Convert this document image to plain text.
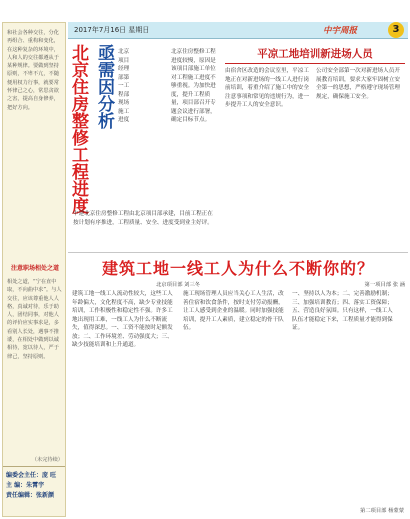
和社会各种交往，分化再组合、重构和变化，在这种复杂的环境中，人和人的交往都遵从于某种规律。要做到坚持原则，不卑不亢，不随便用权力行事，就要常怀律己之心，常思贪欲之害，提高自身修养，把好方向。
注意职场相处之道
相处之道，“宁在直中取，不向曲中求”。与人交往，应该尊重他人人格，真诚对待，乐于助人，团结同事，对他人的评价应实事求是，多看别人长处，遇事不推诿，在相处中做到以诚相待，宽以待人，严于律己，坚持原则。
（未完待续）
编委会主任：庞 旺
主 编：朱霄宇
责任编辑：张新颜
2017年7月16日 星期日	中宇周报	3
北京住房整修工程进度
亟需因分析
北京项目经理部第一工程部现场施工进度
北京住房整修工程进度较慢，原因是该项目部施工单位对工程施工进度不够重视。为加快进度，提升工程质量，项目部召开专题会议进行部署，确定目标节点。
中建北京住房整修工程由北京项目部承建，目前工程正在按计划有序推进，工程质量、安全、进度受到业主好评。
北京项目部 刘三冬
平凉工地培训新进场人员
由宿舍区改造的会议室里，平凉工地正在对新进场的一线工人进行岗前培训，着重介绍了施工中的安全注意事项和常见的违规行为，进一步提升工人的安全意识。
公司安全部第一次对新进场人员开展教育培训，要求大家牢固树立安全第一的思想，严格遵守现场管理规定，确保施工安全。
第一项目部 张 涵
建筑工地一线工人为什么不断你的？
建筑工地一线工人流动性较大，这些工人年龄偏大，文化程度不高，缺少专业技能培训，工作积极性和稳定性不强。许多工地出现用工难，一线工人为什么不断流失，值得深思。一、工资不能按时足额发放；二、工作环境差、劳动强度大；三、缺少技能培训和上升通道。
施工现场管理人员应当关心工人生活，改善住宿和饮食条件，按时支付劳动报酬，让工人感受到企业的温暖。同时加强技能培训，提升工人素质，建立稳定的骨干队伍。
一、坚持以人为本；二、完善激励机制；三、加强培训教育；四、落实工资保障；五、营造良好氛围。只有这样，一线工人队伍才能稳定下来，工程质量才能得到保证。
第二项目部 杨蒙蒙
